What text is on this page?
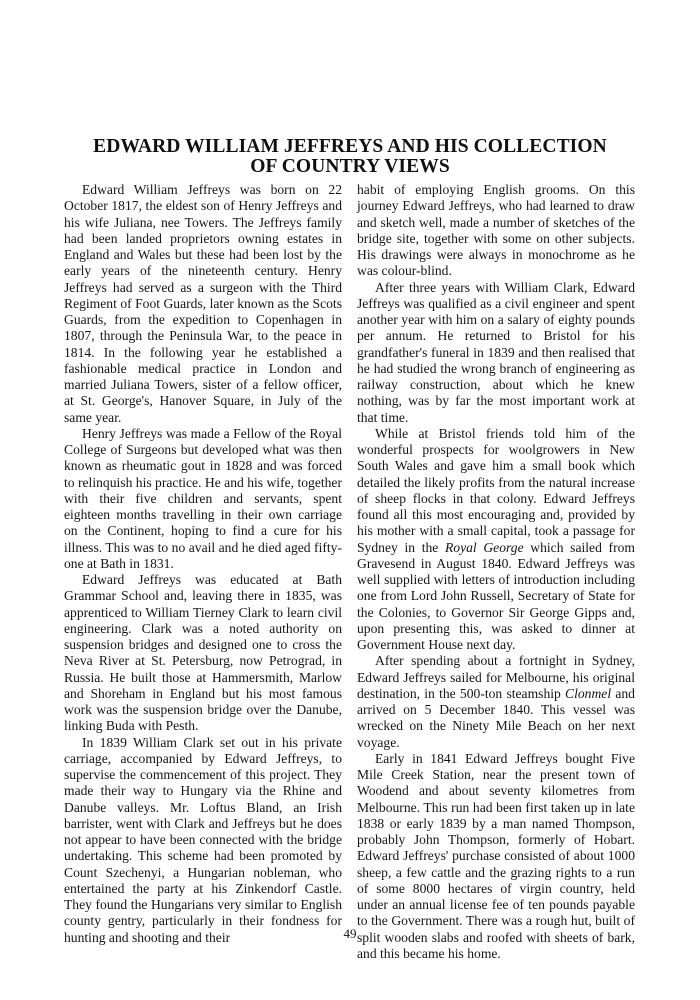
EDWARD WILLIAM JEFFREYS AND HIS COLLECTION
OF COUNTRY VIEWS

Edward William Jeffreys was born on 22 October 1817, the eldest son of Henry Jeffreys and his wife Juliana, nee Towers. The Jeffreys family had been landed proprietors owning estates in England and Wales but these had been lost by the early years of the nineteenth century. Henry Jeffreys had served as a surgeon with the Third Regiment of Foot Guards, later known as the Scots Guards, from the expedition to Copenhagen in 1807, through the Peninsula War, to the peace in 1814. In the following year he established a fashionable medical practice in London and married Juliana Towers, sister of a fellow officer, at St. George's, Hanover Square, in July of the same year.

Henry Jeffreys was made a Fellow of the Royal College of Surgeons but developed what was then known as rheumatic gout in 1828 and was forced to relinquish his practice. He and his wife, together with their five children and servants, spent eighteen months travelling in their own carriage on the Continent, hoping to find a cure for his illness. This was to no avail and he died aged fifty-one at Bath in 1831.

Edward Jeffreys was educated at Bath Grammar School and, leaving there in 1835, was apprenticed to William Tierney Clark to learn civil engineering. Clark was a noted authority on suspension bridges and designed one to cross the Neva River at St. Petersburg, now Petrograd, in Russia. He built those at Hammersmith, Marlow and Shoreham in England but his most famous work was the suspension bridge over the Danube, linking Buda with Pesth.

In 1839 William Clark set out in his private carriage, accompanied by Edward Jeffreys, to supervise the commencement of this project. They made their way to Hungary via the Rhine and Danube valleys. Mr. Loftus Bland, an Irish barrister, went with Clark and Jeffreys but he does not appear to have been connected with the bridge undertaking. This scheme had been promoted by Count Szechenyi, a Hungarian nobleman, who entertained the party at his Zinkendorf Castle. They found the Hungarians very similar to English county gentry, particularly in their fondness for hunting and shooting and their

habit of employing English grooms. On this journey Edward Jeffreys, who had learned to draw and sketch well, made a number of sketches of the bridge site, together with some on other subjects. His drawings were always in monochrome as he was colour-blind.

After three years with William Clark, Edward Jeffreys was qualified as a civil engineer and spent another year with him on a salary of eighty pounds per annum. He returned to Bristol for his grandfather's funeral in 1839 and then realised that he had studied the wrong branch of engineering as railway construction, about which he knew nothing, was by far the most important work at that time.

While at Bristol friends told him of the wonderful prospects for woolgrowers in New South Wales and gave him a small book which detailed the likely profits from the natural increase of sheep flocks in that colony. Edward Jeffreys found all this most encouraging and, provided by his mother with a small capital, took a passage for Sydney in the Royal George which sailed from Gravesend in August 1840. Edward Jeffreys was well supplied with letters of introduction including one from Lord John Russell, Secretary of State for the Colonies, to Governor Sir George Gipps and, upon presenting this, was asked to dinner at Government House next day.

After spending about a fortnight in Sydney, Edward Jeffreys sailed for Melbourne, his original destination, in the 500-ton steamship Clonmel and arrived on 5 December 1840. This vessel was wrecked on the Ninety Mile Beach on her next voyage.

Early in 1841 Edward Jeffreys bought Five Mile Creek Station, near the present town of Woodend and about seventy kilometres from Melbourne. This run had been first taken up in late 1838 or early 1839 by a man named Thompson, probably John Thompson, formerly of Hobart. Edward Jeffreys' purchase consisted of about 1000 sheep, a few cattle and the grazing rights to a run of some 8000 hectares of virgin country, held under an annual license fee of ten pounds payable to the Government. There was a rough hut, built of split wooden slabs and roofed with sheets of bark, and this became his home.

49
